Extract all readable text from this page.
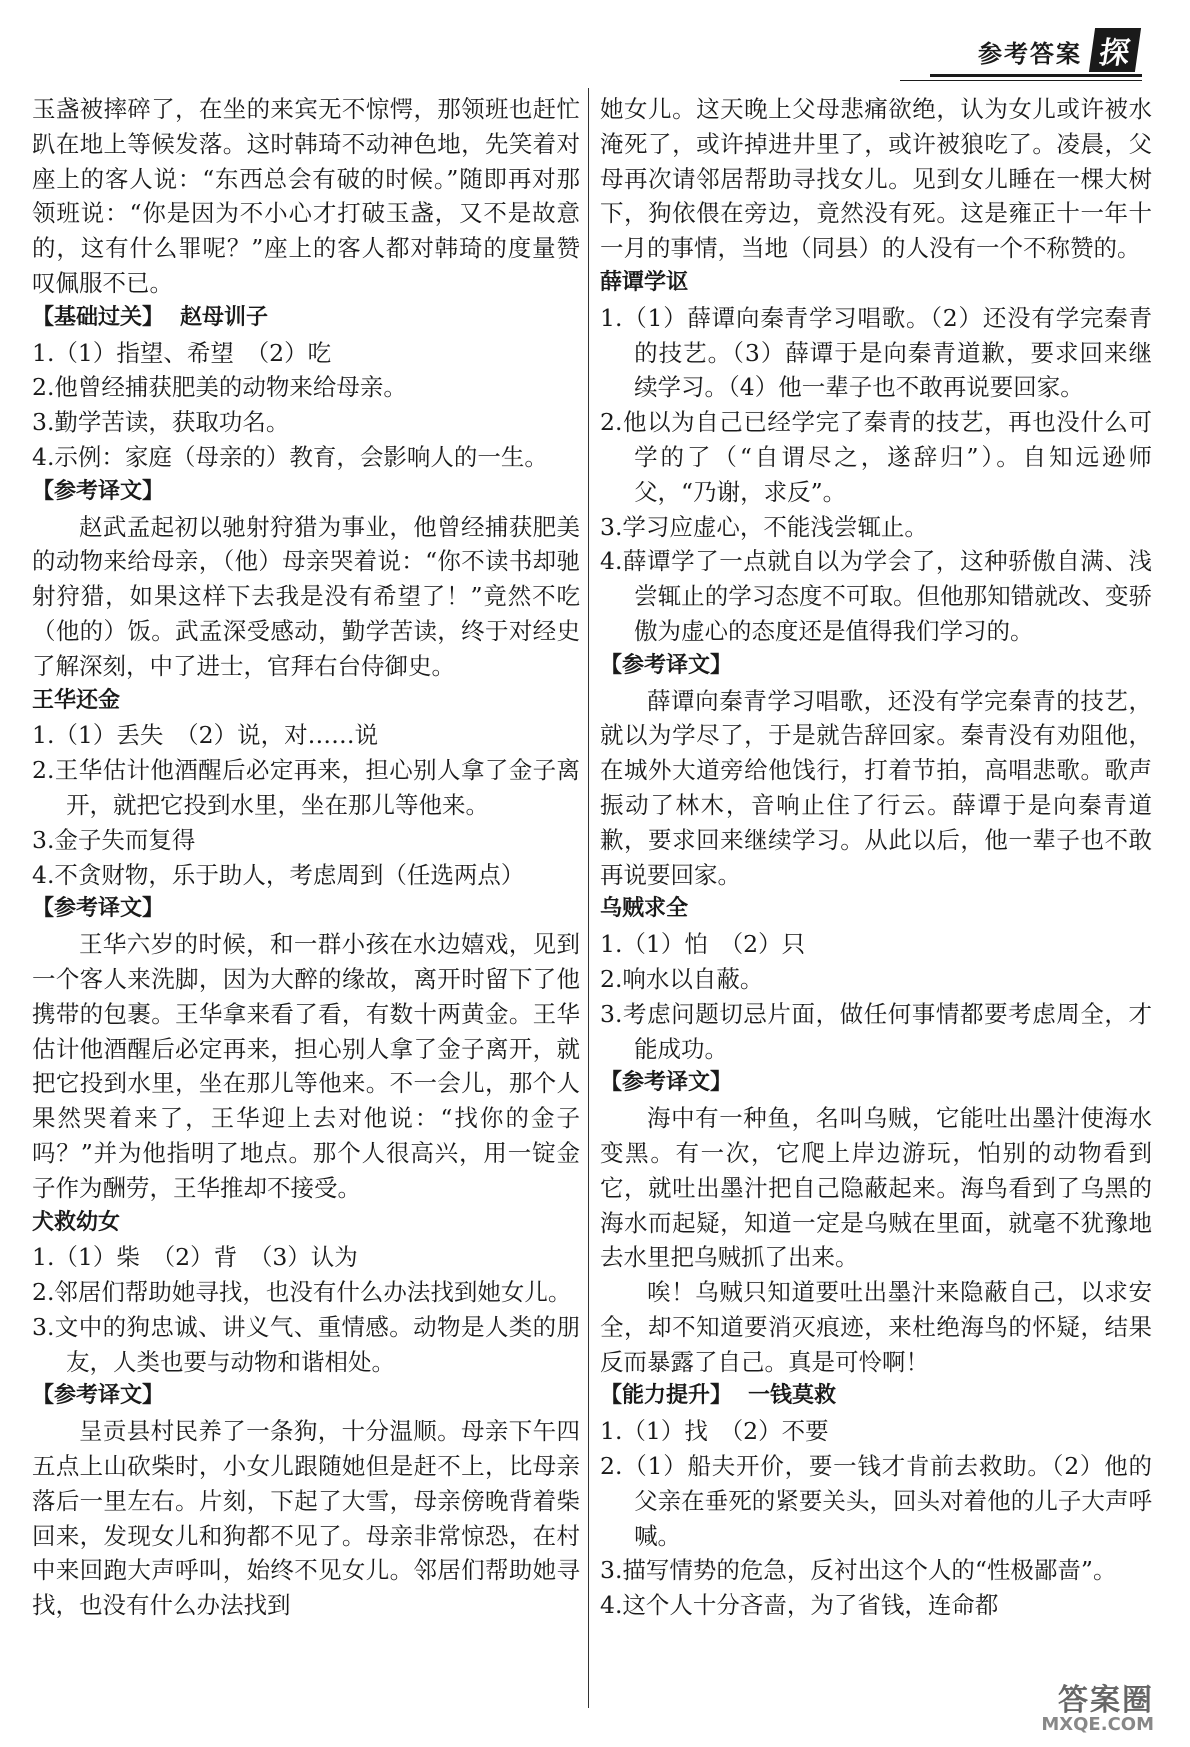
参考答案 探

玉盏被摔碎了，在坐的来宾无不惊愕，那领班也赶忙趴在地上等候发落。这时韩琦不动神色地，先笑着对座上的客人说：“东西总会有破的时候。”随即再对那领班说：“你是因为不小心才打破玉盏，又不是故意的，这有什么罪呢？”座上的客人都对韩琦的度量赞叹佩服不已。

【基础过关】 赵母训子

1.（1）指望、希望　（2）吃

2.他曾经捕获肥美的动物来给母亲。

3.勤学苦读，获取功名。

4.示例：家庭（母亲的）教育，会影响人的一生。

【参考译文】

赵武孟起初以驰射狩猎为事业，他曾经捕获肥美的动物来给母亲，（他）母亲哭着说：“你不读书却驰射狩猎，如果这样下去我是没有希望了！”竟然不吃（他的）饭。武孟深受感动，勤学苦读，终于对经史了解深刻，中了进士，官拜右台侍御史。

王华还金

1.（1）丢失　（2）说，对……说

2.王华估计他酒醒后必定再来，担心别人拿了金子离开，就把它投到水里，坐在那儿等他来。

3.金子失而复得

4.不贪财物，乐于助人，考虑周到（任选两点）

【参考译文】

王华六岁的时候，和一群小孩在水边嬉戏，见到一个客人来洗脚，因为大醉的缘故，离开时留下了他携带的包裹。王华拿来看了看，有数十两黄金。王华估计他酒醒后必定再来，担心别人拿了金子离开，就把它投到水里，坐在那儿等他来。不一会儿，那个人果然哭着来了，王华迎上去对他说：“找你的金子吗？”并为他指明了地点。那个人很高兴，用一锭金子作为酬劳，王华推却不接受。

犬救幼女

1.（1）柴　（2）背　（3）认为

2.邻居们帮助她寻找，也没有什么办法找到她女儿。

3.文中的狗忠诚、讲义气、重情感。动物是人类的朋友，人类也要与动物和谐相处。

【参考译文】

呈贡县村民养了一条狗，十分温顺。母亲下午四五点上山砍柴时，小女儿跟随她但是赶不上，比母亲落后一里左右。片刻，下起了大雪，母亲傍晚背着柴回来，发现女儿和狗都不见了。母亲非常惊恐，在村中来回跑大声呼叫，始终不见女儿。邻居们帮助她寻找，也没有什么办法找到

她女儿。这天晚上父母悲痛欲绝，认为女儿或许被水淹死了，或许掉进井里了，或许被狼吃了。凌晨，父母再次请邻居帮助寻找女儿。见到女儿睡在一棵大树下，狗依偎在旁边，竟然没有死。这是雍正十一年十一月的事情，当地（同县）的人没有一个不称赞的。

薛谭学讴

1.（1）薛谭向秦青学习唱歌。（2）还没有学完秦青的技艺。（3）薛谭于是向秦青道歉，要求回来继续学习。（4）他一辈子也不敢再说要回家。

2.他以为自己已经学完了秦青的技艺，再也没什么可学的了（“自谓尽之，遂辞归”）。自知远逊师父，“乃谢，求反”。

3.学习应虚心，不能浅尝辄止。

4.薛谭学了一点就自以为学会了，这种骄傲自满、浅尝辄止的学习态度不可取。但他那知错就改、变骄傲为虚心的态度还是值得我们学习的。

【参考译文】

薛谭向秦青学习唱歌，还没有学完秦青的技艺，就以为学尽了，于是就告辞回家。秦青没有劝阻他，在城外大道旁给他饯行，打着节拍，高唱悲歌。歌声振动了林木，音响止住了行云。薛谭于是向秦青道歉，要求回来继续学习。从此以后，他一辈子也不敢再说要回家。

乌贼求全

1.（1）怕　（2）只

2.响水以自蔽。

3.考虑问题切忌片面，做任何事情都要考虑周全，才能成功。

【参考译文】

海中有一种鱼，名叫乌贼，它能吐出墨汁使海水变黑。有一次，它爬上岸边游玩，怕别的动物看到它，就吐出墨汁把自己隐蔽起来。海鸟看到了乌黑的海水而起疑，知道一定是乌贼在里面，就毫不犹豫地去水里把乌贼抓了出来。

唉！乌贼只知道要吐出墨汁来隐蔽自己，以求安全，却不知道要消灭痕迹，来杜绝海鸟的怀疑，结果反而暴露了自己。真是可怜啊！

【能力提升】 一钱莫救

1.（1）找　（2）不要

2.（1）船夫开价，要一钱才肯前去救助。（2）他的父亲在垂死的紧要关头，回头对着他的儿子大声呼喊。

3.描写情势的危急，反衬出这个人的“性极鄙啬”。

4.这个人十分吝啬，为了省钱，连命都

答案圈
MXQE.COM
